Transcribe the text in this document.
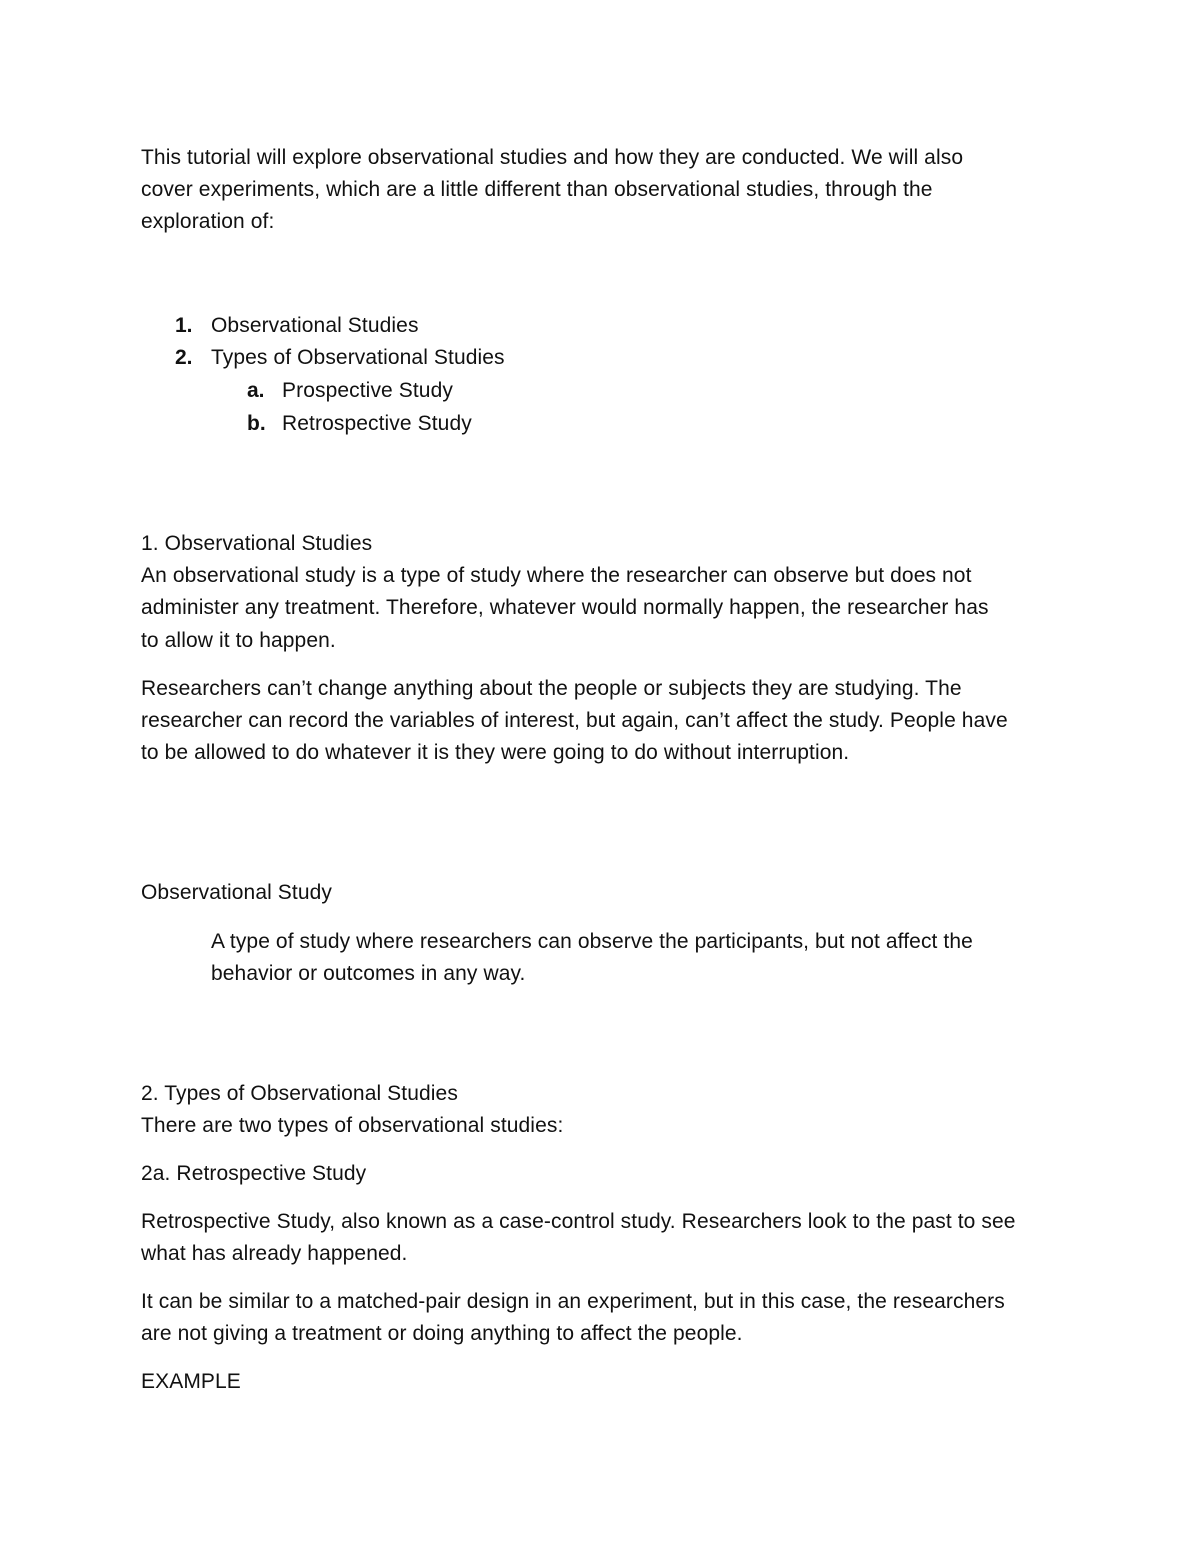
This tutorial will explore observational studies and how they are conducted. We will also
cover experiments, which are a little different than observational studies, through the
exploration of:
1. Observational Studies
2. Types of Observational Studies
a. Prospective Study
b. Retrospective Study
1. Observational Studies
An observational study is a type of study where the researcher can observe but does not
administer any treatment. Therefore, whatever would normally happen, the researcher has
to allow it to happen.
Researchers can’t change anything about the people or subjects they are studying. The
researcher can record the variables of interest, but again, can’t affect the study. People have
to be allowed to do whatever it is they were going to do without interruption.
Observational Study
A type of study where researchers can observe the participants, but not affect the
behavior or outcomes in any way.
2. Types of Observational Studies
There are two types of observational studies:
2a. Retrospective Study
Retrospective Study, also known as a case-control study. Researchers look to the past to see
what has already happened.
It can be similar to a matched-pair design in an experiment, but in this case, the researchers
are not giving a treatment or doing anything to affect the people.
EXAMPLE
